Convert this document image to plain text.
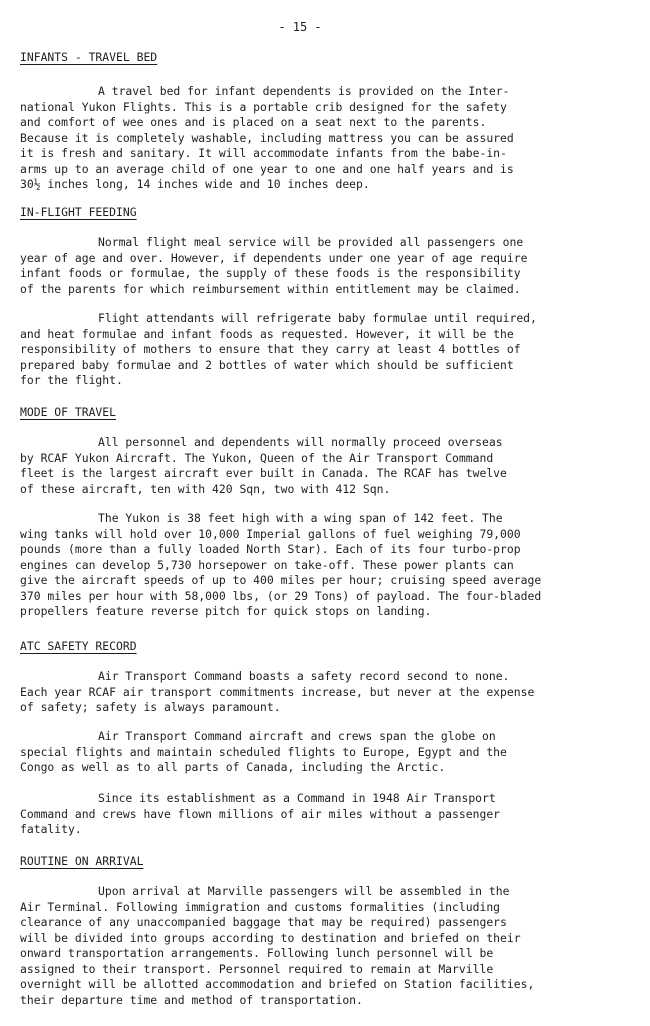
- 15 -
INFANTS - TRAVEL BED
A travel bed for infant dependents is provided on the Inter-
national Yukon Flights. This is a portable crib designed for the safety
and comfort of wee ones and is placed on a seat next to the parents.
Because it is completely washable, including mattress you can be assured
it is fresh and sanitary. It will accommodate infants from the babe-in-
arms up to an average child of one year to one and one half years and is
30½ inches long, 14 inches wide and 10 inches deep.
IN-FLIGHT FEEDING
Normal flight meal service will be provided all passengers one
year of age and over. However, if dependents under one year of age require
infant foods or formulae, the supply of these foods is the responsibility
of the parents for which reimbursement within entitlement may be claimed.
Flight attendants will refrigerate baby formulae until required,
and heat formulae and infant foods as requested. However, it will be the
responsibility of mothers to ensure that they carry at least 4 bottles of
prepared baby formulae and 2 bottles of water which should be sufficient
for the flight.
MODE OF TRAVEL
All personnel and dependents will normally proceed overseas
by RCAF Yukon Aircraft. The Yukon, Queen of the Air Transport Command
fleet is the largest aircraft ever built in Canada. The RCAF has twelve
of these aircraft, ten with 420 Sqn, two with 412 Sqn.
The Yukon is 38 feet high with a wing span of 142 feet. The
wing tanks will hold over 10,000 Imperial gallons of fuel weighing 79,000
pounds (more than a fully loaded North Star). Each of its four turbo-prop
engines can develop 5,730 horsepower on take-off. These power plants can
give the aircraft speeds of up to 400 miles per hour; cruising speed average
370 miles per hour with 58,000 lbs, (or 29 Tons) of payload. The four-bladed
propellers feature reverse pitch for quick stops on landing.
ATC SAFETY RECORD
Air Transport Command boasts a safety record second to none.
Each year RCAF air transport commitments increase, but never at the expense
of safety; safety is always paramount.
Air Transport Command aircraft and crews span the globe on
special flights and maintain scheduled flights to Europe, Egypt and the
Congo as well as to all parts of Canada, including the Arctic.
Since its establishment as a Command in 1948 Air Transport
Command and crews have flown millions of air miles without a passenger
fatality.
ROUTINE ON ARRIVAL
Upon arrival at Marville passengers will be assembled in the
Air Terminal. Following immigration and customs formalities (including
clearance of any unaccompanied baggage that may be required) passengers
will be divided into groups according to destination and briefed on their
onward transportation arrangements. Following lunch personnel will be
assigned to their transport. Personnel required to remain at Marville
overnight will be allotted accommodation and briefed on Station facilities,
their departure time and method of transportation.
